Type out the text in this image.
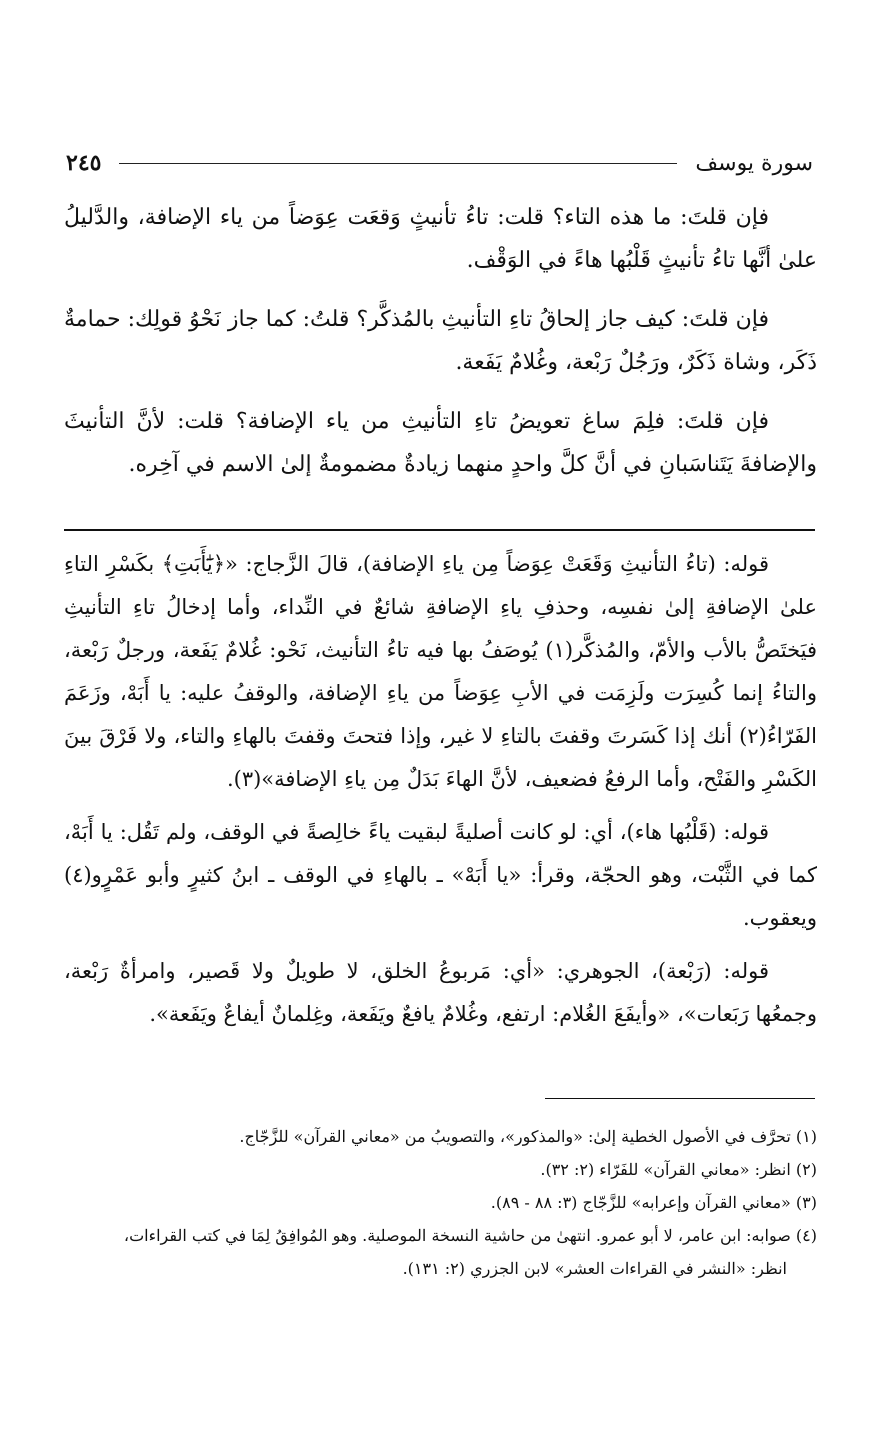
سورة يوسف
٢٤٥

فإن قلتَ: ما هذه التاء؟ قلت: تاءُ تأنيثٍ وَقعَت عِوَضاً من ياء الإضافة، والدَّليلُ علىٰ أنَّها تاءُ تأنيثٍ قَلْبُها هاءً في الوَقْف.

فإن قلتَ: كيف جاز إلحاقُ تاءِ التأنيثِ بالمُذكَّر؟ قلتُ: كما جاز نَحْوُ قولِك: حمامةٌ ذَكَر، وشاة ذَكَرٌ، ورَجُلٌ رَبْعة، وغُلامٌ يَفَعة.

فإن قلتَ: فلِمَ ساغ تعويضُ تاءِ التأنيثِ من ياء الإضافة؟ قلت: لأنَّ التأنيثَ والإضافةَ يَتَناسَبانِ في أنَّ كلَّ واحدٍ منهما زيادةٌ مضمومةٌ إلىٰ الاسم في آخِره.

قوله: (تاءُ التأنيثِ وَقَعَتْ عِوَضاً مِن ياءِ الإضافة)، قالَ الزَّجاج: «﴿يَٰٓأَبَتِ﴾ بكَسْرِ التاءِ علىٰ الإضافةِ إلىٰ نفسِه، وحذفِ ياءِ الإضافةِ شائعٌ في النِّداء، وأما إدخالُ تاءِ التأنيثِ فيَختَصُّ بالأب والأمّ، والمُذكَّر(١) يُوصَفُ بها فيه تاءُ التأنيث، نَحْو: غُلامٌ يَفَعة، ورجلٌ رَبْعة، والتاءُ إنما كُسِرَت ولَزِمَت في الأبِ عِوَضاً من ياءِ الإضافة، والوقفُ عليه: يا أَبَهْ، وزَعَمَ الفَرّاءُ(٢) أنك إذا كَسَرتَ وقفتَ بالتاءِ لا غير، وإذا فتحتَ وقفتَ بالهاءِ والتاء، ولا فَرْقَ بينَ الكَسْرِ والفَتْح، وأما الرفعُ فضعيف، لأنَّ الهاءَ بَدَلٌ مِن ياءِ الإضافة»(٣).

قوله: (قَلْبُها هاء)، أي: لو كانت أصليةً لبقيت ياءً خالِصةً في الوقف، ولم تَقُل: يا أَبَهْ، كما في الثَّبْت، وهو الحجّة، وقرأ: «يا أَبَهْ» ـ بالهاءِ في الوقف ـ ابنُ كثيرٍ وأبو عَمْرٍو(٤) ويعقوب.

قوله: (رَبْعة)، الجوهري: «أي: مَربوعُ الخلق، لا طويلٌ ولا قَصير، وامرأةٌ رَبْعة، وجمعُها رَبَعات»، «وأيفَعَ الغُلام: ارتفع، وغُلامٌ يافعٌ ويَفَعة، وغِلمانٌ أيفاعٌ ويَفَعة».

(١) تحرَّف في الأصول الخطية إلىٰ: «والمذكور»، والتصويبُ من «معاني القرآن» للزَّجّاج.

(٢) انظر: «معاني القرآن» للفَرّاء (٢: ٣٢).

(٣) «معاني القرآن وإعرابه» للزَّجّاج (٣: ٨٨ - ٨٩).

(٤) صوابه: ابن عامر، لا أبو عمرو. انتهىٰ من حاشية النسخة الموصلية. وهو المُوافِقُ لِمَا في كتب القراءات،

انظر: «النشر في القراءات العشر» لابن الجزري (٢: ١٣١).
